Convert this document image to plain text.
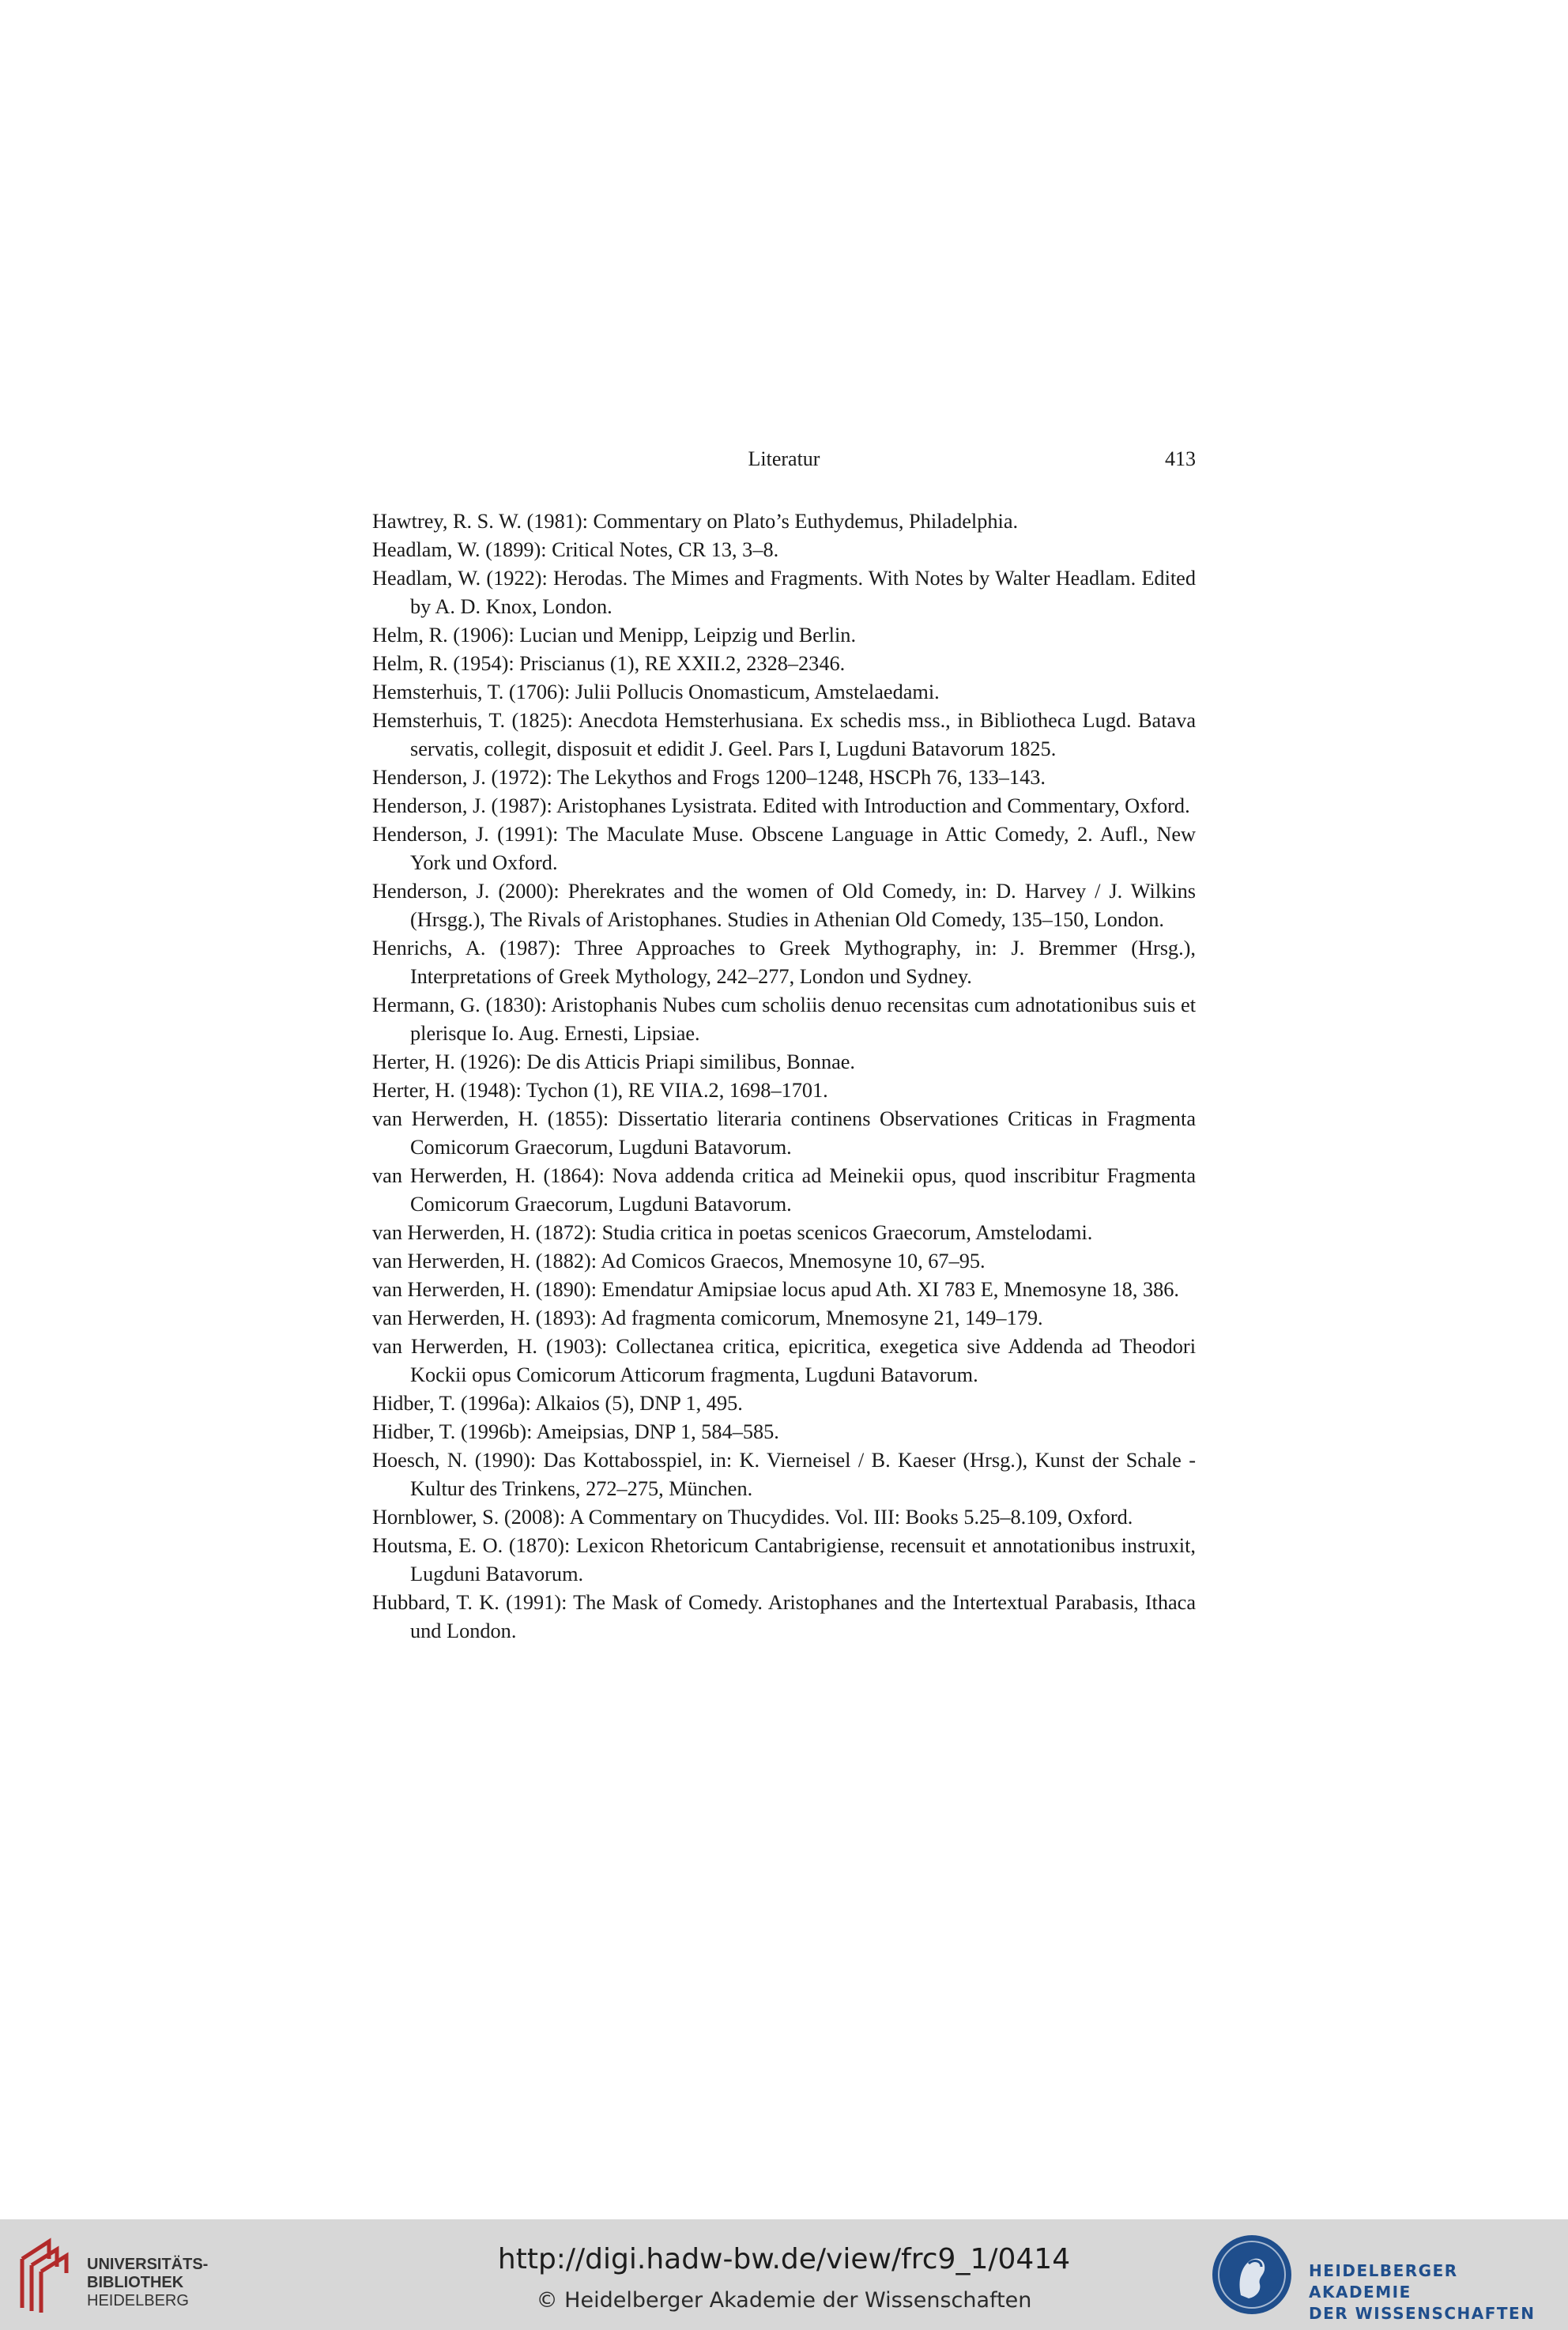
Literatur	413

Hawtrey, R. S. W. (1981): Commentary on Plato’s Euthydemus, Philadelphia.

Headlam, W. (1899): Critical Notes, CR 13, 3–8.

Headlam, W. (1922): Herodas. The Mimes and Fragments. With Notes by Walter Headlam. Edited by A. D. Knox, London.

Helm, R. (1906): Lucian und Menipp, Leipzig und Berlin.

Helm, R. (1954): Priscianus (1), RE XXII.2, 2328–2346.

Hemsterhuis, T. (1706): Julii Pollucis Onomasticum, Amstelaedami.

Hemsterhuis, T. (1825): Anecdota Hemsterhusiana. Ex schedis mss., in Bibliotheca Lugd. Batava servatis, collegit, disposuit et edidit J. Geel. Pars I, Lugduni Batavorum 1825.

Henderson, J. (1972): The Lekythos and Frogs 1200–1248, HSCPh 76, 133–143.

Henderson, J. (1987): Aristophanes Lysistrata. Edited with Introduction and Commentary, Oxford.

Henderson, J. (1991): The Maculate Muse. Obscene Language in Attic Comedy, 2. Aufl., New York und Oxford.

Henderson, J. (2000): Pherekrates and the women of Old Comedy, in: D. Harvey / J. Wilkins (Hrsgg.), The Rivals of Aristophanes. Studies in Athenian Old Comedy, 135–150, London.

Henrichs, A. (1987): Three Approaches to Greek Mythography, in: J. Bremmer (Hrsg.), Interpretations of Greek Mythology, 242–277, London und Sydney.

Hermann, G. (1830): Aristophanis Nubes cum scholiis denuo recensitas cum adnotationibus suis et plerisque Io. Aug. Ernesti, Lipsiae.

Herter, H. (1926): De dis Atticis Priapi similibus, Bonnae.

Herter, H. (1948): Tychon (1), RE VIIA.2, 1698–1701.

van Herwerden, H. (1855): Dissertatio literaria continens Observationes Criticas in Fragmenta Comicorum Graecorum, Lugduni Batavorum.

van Herwerden, H. (1864): Nova addenda critica ad Meinekii opus, quod inscribitur Fragmenta Comicorum Graecorum, Lugduni Batavorum.

van Herwerden, H. (1872): Studia critica in poetas scenicos Graecorum, Amstelodami.

van Herwerden, H. (1882): Ad Comicos Graecos, Mnemosyne 10, 67–95.

van Herwerden, H. (1890): Emendatur Amipsiae locus apud Ath. XI 783 E, Mnemosyne 18, 386.

van Herwerden, H. (1893): Ad fragmenta comicorum, Mnemosyne 21, 149–179.

van Herwerden, H. (1903): Collectanea critica, epicritica, exegetica sive Addenda ad Theodori Kockii opus Comicorum Atticorum fragmenta, Lugduni Batavorum.

Hidber, T. (1996a): Alkaios (5), DNP 1, 495.

Hidber, T. (1996b): Ameipsias, DNP 1, 584–585.

Hoesch, N. (1990): Das Kottabosspiel, in: K. Vierneisel / B. Kaeser (Hrsg.), Kunst der Schale - Kultur des Trinkens, 272–275, München.

Hornblower, S. (2008): A Commentary on Thucydides. Vol. III: Books 5.25–8.109, Oxford.

Houtsma, E. O. (1870): Lexicon Rhetoricum Cantabrigiense, recensuit et annotationibus instruxit, Lugduni Batavorum.

Hubbard, T. K. (1991): The Mask of Comedy. Aristophanes and the Intertextual Parabasis, Ithaca und London.

UNIVERSITÄTS-
BIBLIOTHEK
HEIDELBERG
http://digi.hadw-bw.de/view/frc9_1/0414
© Heidelberger Akademie der Wissenschaften
HEIDELBERGER AKADEMIE
DER WISSENSCHAFTEN
